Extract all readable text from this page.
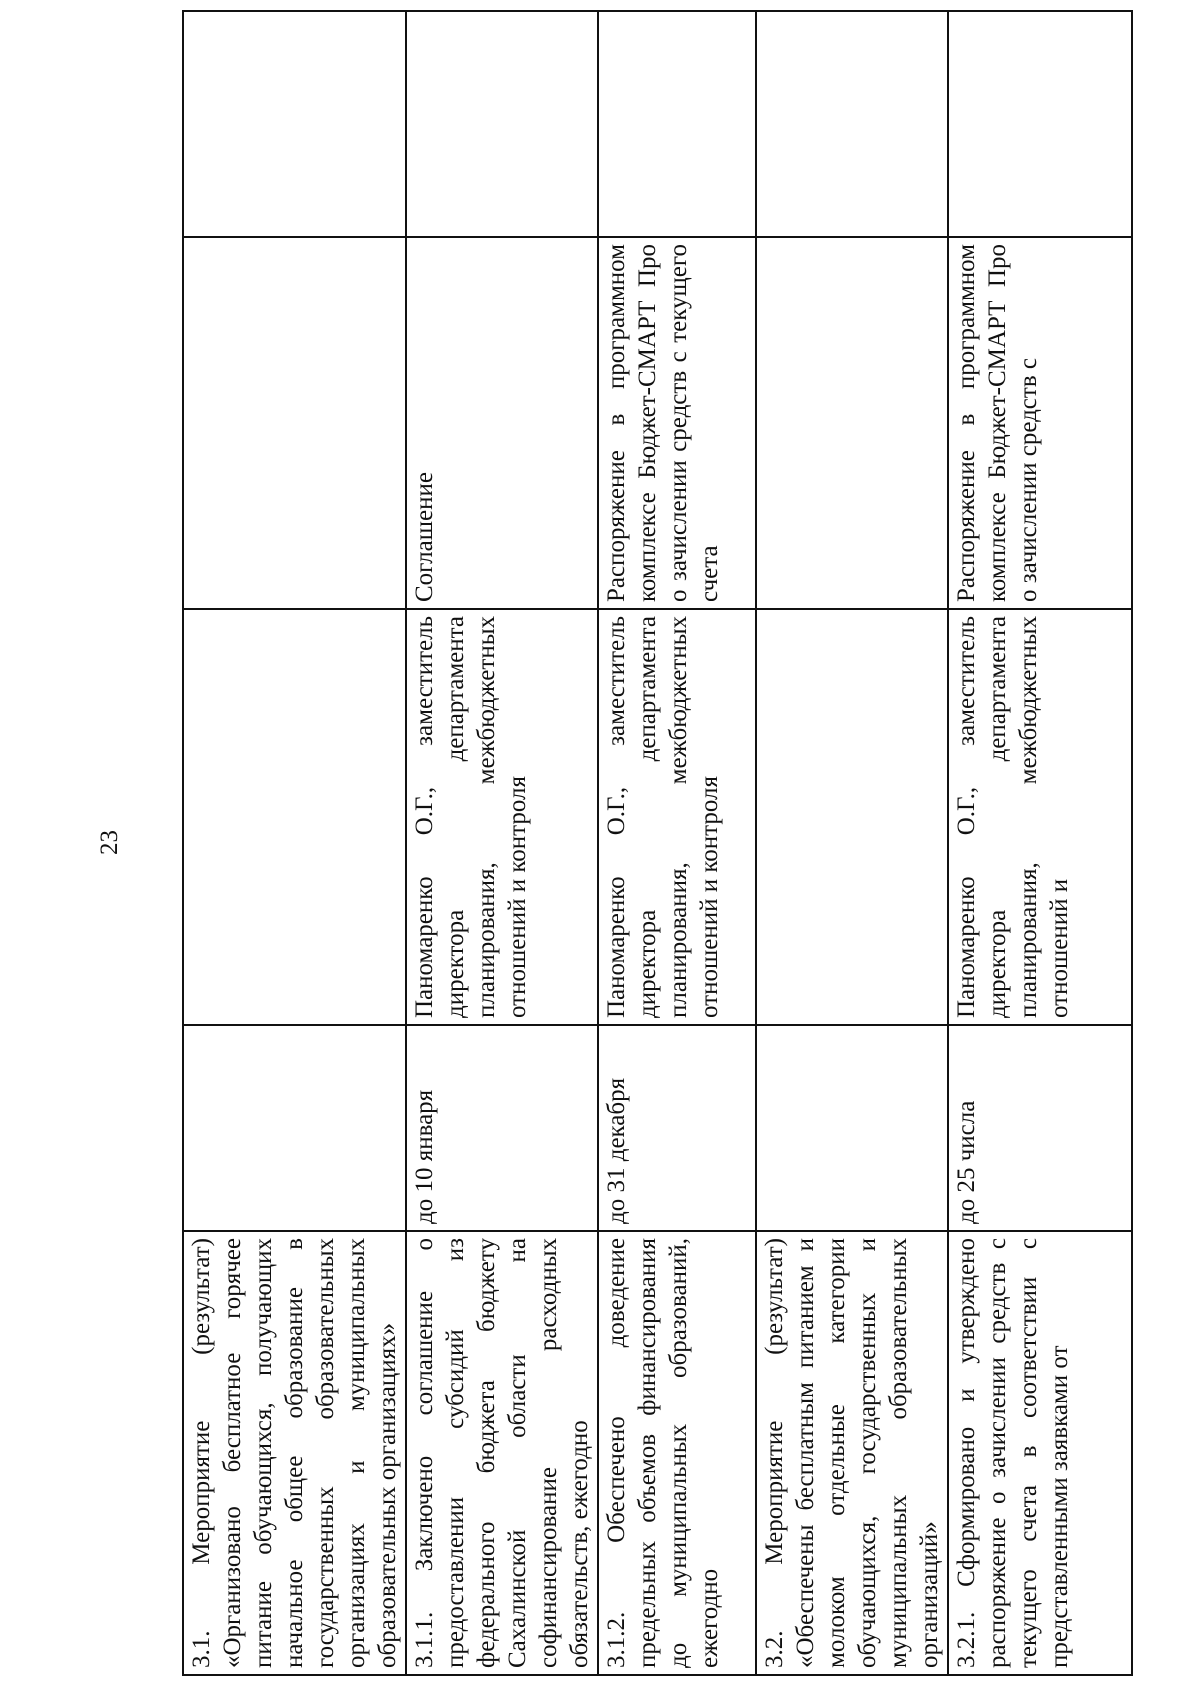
23
3.1. Мероприятие (результат) «Организовано бесплатное горячее питание обучающихся, получающих начальное общее образование в государственных образовательных организациях и муниципальных образовательных организациях»				
3.1.1. Заключено соглашение о предоставлении субсидий из федерального бюджета бюджету Сахалинской области на софинансирование расходных обязательств, ежегодно	до 10 января	Паномаренко О.Г., заместитель директора департамента планирования, межбюджетных отношений и контроля	Соглашение	
3.1.2. Обеспечено доведение предельных объемов финансирования до муниципальных образований, ежегодно	до 31 декабря	Паномаренко О.Г., заместитель директора департамента планирования, межбюджетных отношений и контроля	Распоряжение в программном комплексе Бюджет-СМАРТ Про о зачислении средств с текущего счета	
3.2. Мероприятие (результат) «Обеспечены бесплатным питанием и молоком отдельные категории обучающихся, государственных и муниципальных образовательных организаций»				
3.2.1. Сформировано и утверждено распоряжение о зачислении средств с текущего счета в соответствии с представленными заявками от	до 25 числа	Паномаренко О.Г., заместитель директора департамента планирования, межбюджетных отношений и	Распоряжение в программном комплексе Бюджет-СМАРТ Про о зачислении средств с	
